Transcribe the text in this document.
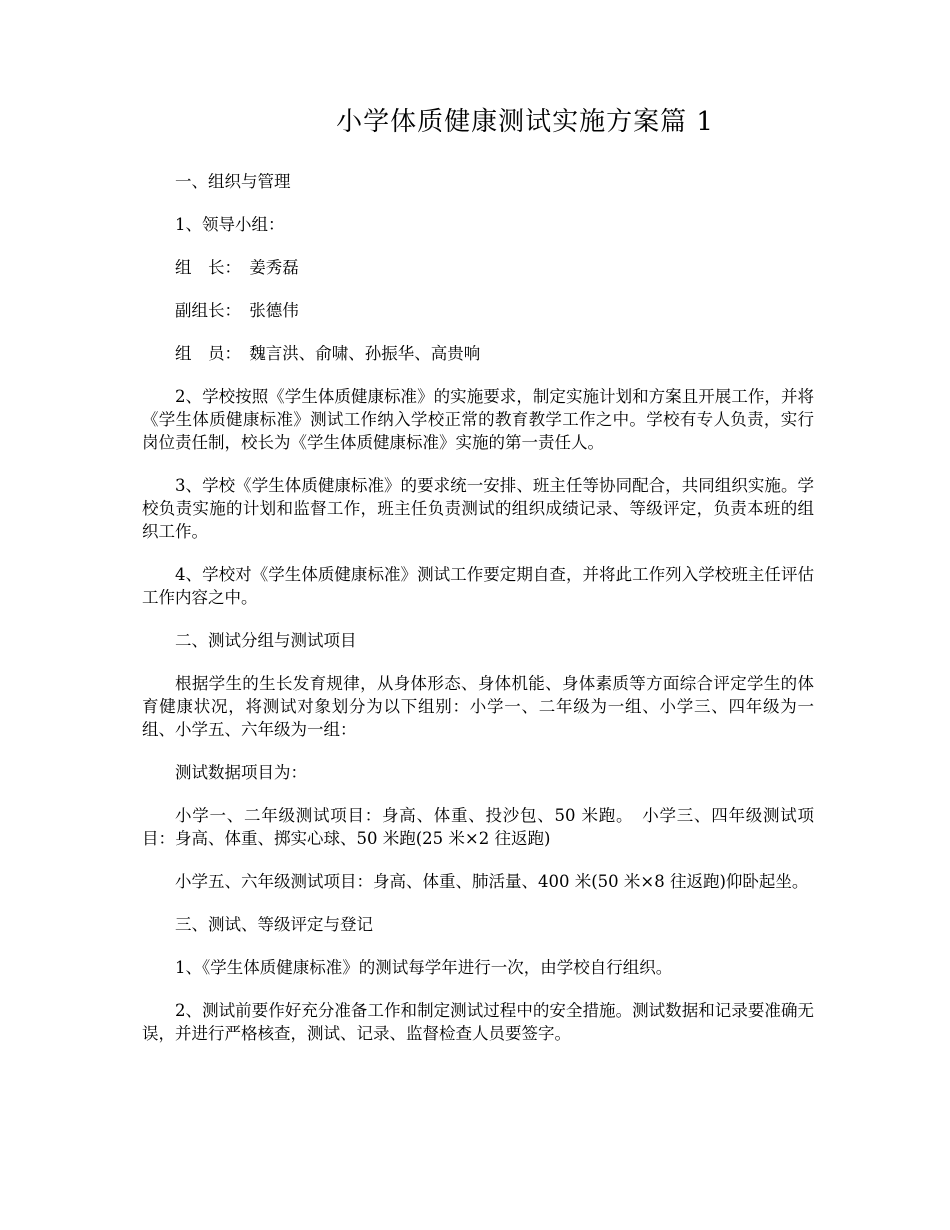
小学体质健康测试实施方案篇 1

一、组织与管理

1、领导小组：

组　长：　姜秀磊

副组长：　张德伟

组　员：　魏言洪、俞啸、孙振华、高贵响

2、学校按照《学生体质健康标准》的实施要求，制定实施计划和方案且开展工作，并将《学生体质健康标准》测试工作纳入学校正常的教育教学工作之中。学校有专人负责，实行岗位责任制，校长为《学生体质健康标准》实施的第一责任人。

3、学校《学生体质健康标准》的要求统一安排、班主任等协同配合，共同组织实施。学校负责实施的计划和监督工作，班主任负责测试的组织成绩记录、等级评定，负责本班的组织工作。

4、学校对《学生体质健康标准》测试工作要定期自查，并将此工作列入学校班主任评估工作内容之中。

二、测试分组与测试项目

根据学生的生长发育规律，从身体形态、身体机能、身体素质等方面综合评定学生的体育健康状况，将测试对象划分为以下组别：小学一、二年级为一组、小学三、四年级为一组、小学五、六年级为一组：

测试数据项目为：

小学一、二年级测试项目：身高、体重、投沙包、50 米跑。　小学三、四年级测试项目：身高、体重、掷实心球、50 米跑(25 米×2 往返跑)

小学五、六年级测试项目：身高、体重、肺活量、400 米(50 米×8 往返跑)仰卧起坐。

三、测试、等级评定与登记

1、《学生体质健康标准》的测试每学年进行一次，由学校自行组织。

2、测试前要作好充分准备工作和制定测试过程中的安全措施。测试数据和记录要准确无误，并进行严格核查，测试、记录、监督检查人员要签字。
